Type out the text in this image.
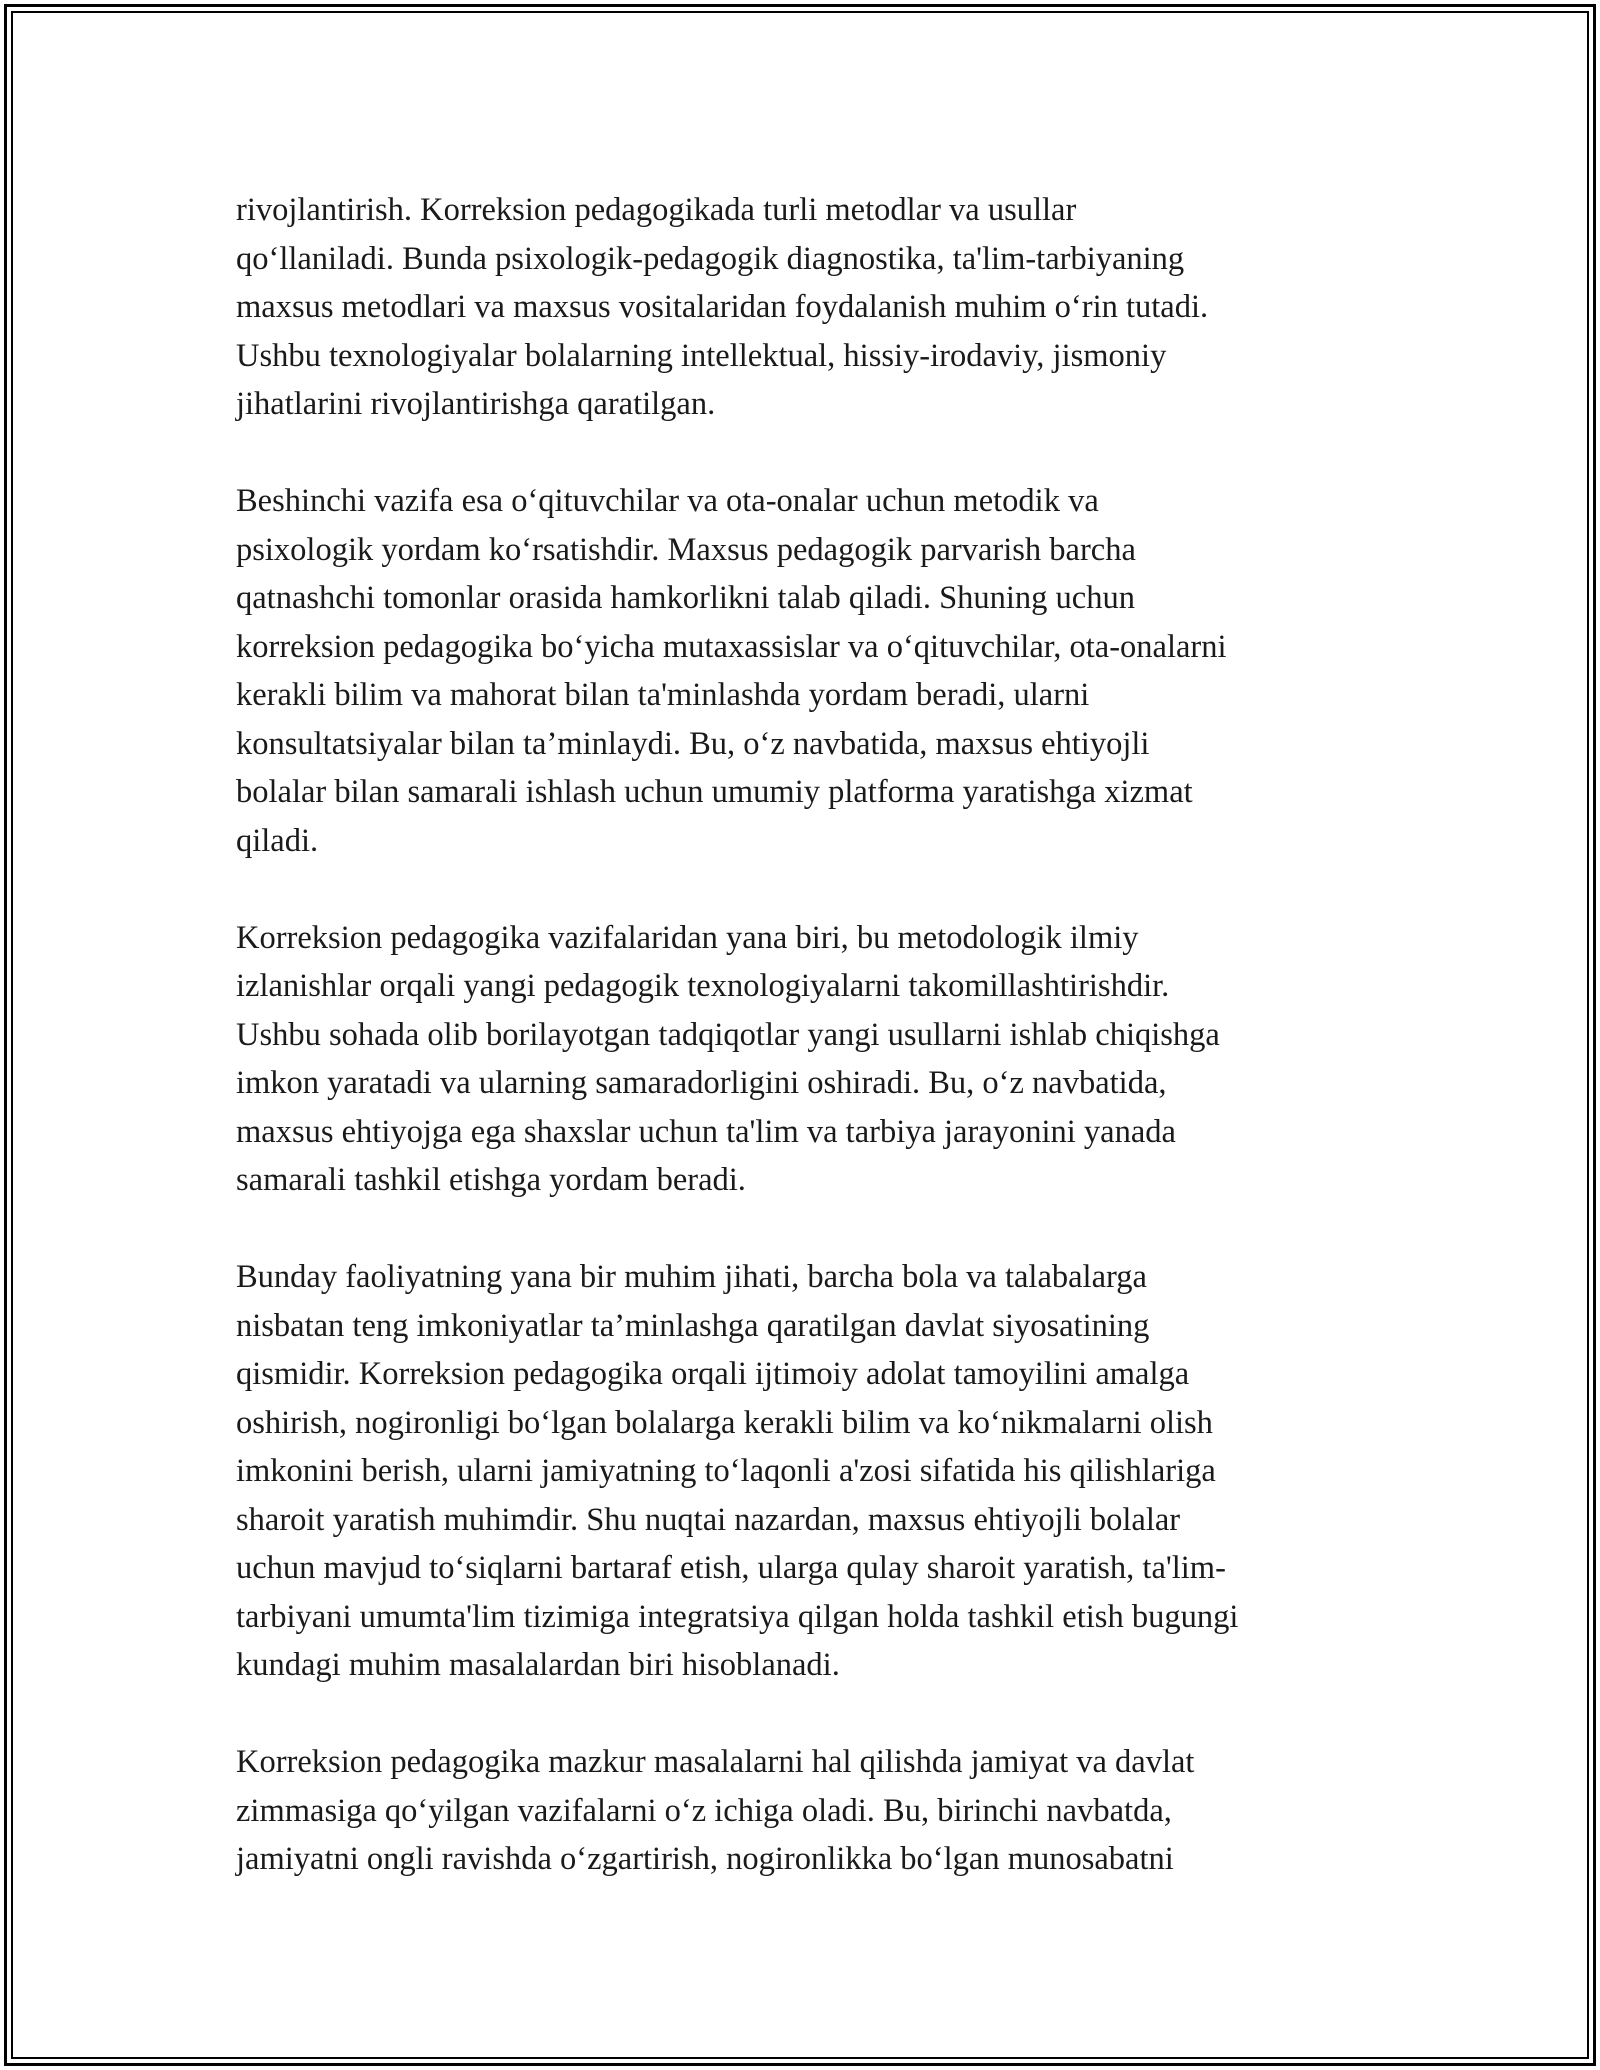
rivojlantirish. Korreksion pedagogikada turli metodlar va usullar
qo‘llaniladi. Bunda psixologik-pedagogik diagnostika, ta'lim-tarbiyaning
maxsus metodlari va maxsus vositalaridan foydalanish muhim o‘rin tutadi.
Ushbu texnologiyalar bolalarning intellektual, hissiy-irodaviy, jismoniy
jihatlarini rivojlantirishga qaratilgan.

Beshinchi vazifa esa o‘qituvchilar va ota-onalar uchun metodik va
psixologik yordam ko‘rsatishdir. Maxsus pedagogik parvarish barcha
qatnashchi tomonlar orasida hamkorlikni talab qiladi. Shuning uchun
korreksion pedagogika bo‘yicha mutaxassislar va o‘qituvchilar, ota-onalarni
kerakli bilim va mahorat bilan ta'minlashda yordam beradi, ularni
konsultatsiyalar bilan ta’minlaydi. Bu, o‘z navbatida, maxsus ehtiyojli
bolalar bilan samarali ishlash uchun umumiy platforma yaratishga xizmat
qiladi.

Korreksion pedagogika vazifalaridan yana biri, bu metodologik ilmiy
izlanishlar orqali yangi pedagogik texnologiyalarni takomillashtirishdir.
Ushbu sohada olib borilayotgan tadqiqotlar yangi usullarni ishlab chiqishga
imkon yaratadi va ularning samaradorligini oshiradi. Bu, o‘z navbatida,
maxsus ehtiyojga ega shaxslar uchun ta'lim va tarbiya jarayonini yanada
samarali tashkil etishga yordam beradi.

Bunday faoliyatning yana bir muhim jihati, barcha bola va talabalarga
nisbatan teng imkoniyatlar ta’minlashga qaratilgan davlat siyosatining
qismidir. Korreksion pedagogika orqali ijtimoiy adolat tamoyilini amalga
oshirish, nogironligi bo‘lgan bolalarga kerakli bilim va ko‘nikmalarni olish
imkonini berish, ularni jamiyatning to‘laqonli a'zosi sifatida his qilishlariga
sharoit yaratish muhimdir. Shu nuqtai nazardan, maxsus ehtiyojli bolalar
uchun mavjud to‘siqlarni bartaraf etish, ularga qulay sharoit yaratish, ta'lim-
tarbiyani umumta'lim tizimiga integratsiya qilgan holda tashkil etish bugungi
kundagi muhim masalalardan biri hisoblanadi.

Korreksion pedagogika mazkur masalalarni hal qilishda jamiyat va davlat
zimmasiga qo‘yilgan vazifalarni o‘z ichiga oladi. Bu, birinchi navbatda,
jamiyatni ongli ravishda o‘zgartirish, nogironlikka bo‘lgan munosabatni
